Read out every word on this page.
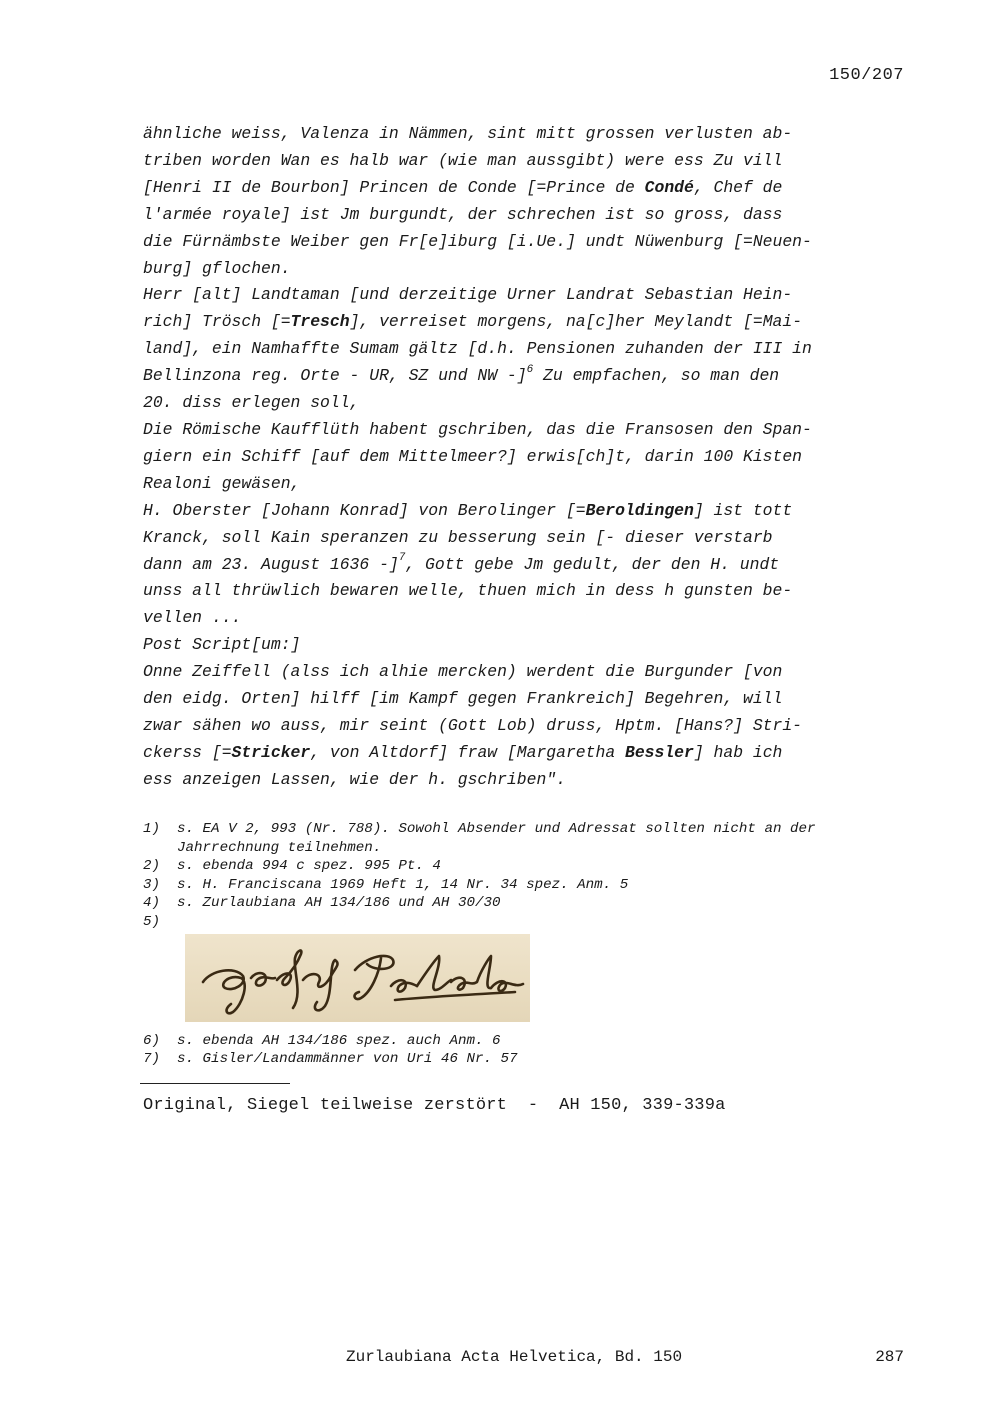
150/207
ähnliche weiss, Valenza in Nämmen, sint mitt grossen verlusten ab-
triben worden Wan es halb war (wie man aussgibt) were ess Zu vill
[Henri II de Bourbon] Princen de Conde [=Prince de Condé, Chef de
l'armée royale] ist Jm burgundt, der schrechen ist so gross, dass
die Fürnämbste Weiber gen Fr[e]iburg [i.Ue.] undt Nüwenburg [=Neuen-
burg] gflochen.
Herr [alt] Landtaman [und derzeitige Urner Landrat Sebastian Hein-
rich] Trösch [=Tresch], verreiset morgens, na[c]her Meylandt [=Mai-
land], ein Namhaffte Sumam gältz [d.h. Pensionen zuhanden der III in
Bellinzona reg. Orte - UR, SZ und NW -]$^6$ Zu empfachen, so man den
20. diss erlegen soll,
Die Römische Kaufflüth habent gschriben, das die Fransosen den Span-
giern ein Schiff [auf dem Mittelmeer?] erwis[ch]t, darin 100 Kisten
Realoni gewäsen,
H. Oberster [Johann Konrad] von Berolinger [=Beroldingen] ist tott
Kranck, soll Kain speranzen zu besserung sein [- dieser verstarb
dann am 23. August 1636 -]$^7$, Gott gebe Jm gedult, der den H. undt
unss all thrüwlich bewaren welle, thuen mich in dess h gunsten be-
vellen ...
Post Script[um:]
Onne Zeiffell (alss ich alhie mercken) werdent die Burgunder [von
den eidg. Orten] hilff [im Kampf gegen Frankreich] Begehren, will
zwar sähen wo auss, mir seint (Gott Lob) druss, Hptm. [Hans?] Stri-
ckerss [=Stricker, von Altdorf] fraw [Margaretha Bessler] hab ich
ess anzeigen Lassen, wie der h. gschriben".
1)	s. EA V 2, 993 (Nr. 788). Sowohl Absender und Adressat sollten nicht an der Jahrrechnung teilnehmen.
2)	s. ebenda 994 c spez. 995 Pt. 4
3)	s. H. Franciscana 1969 Heft 1, 14 Nr. 34 spez. Anm. 5
4)	s. Zurlaubiana AH 134/186 und AH 30/30
5)
6)	s. ebenda AH 134/186 spez. auch Anm. 6
7)	s. Gisler/Landammänner von Uri 46 Nr. 57
Original, Siegel teilweise zerstört  -  AH 150, 339-339a
Zurlaubiana Acta Helvetica, Bd. 150	287
